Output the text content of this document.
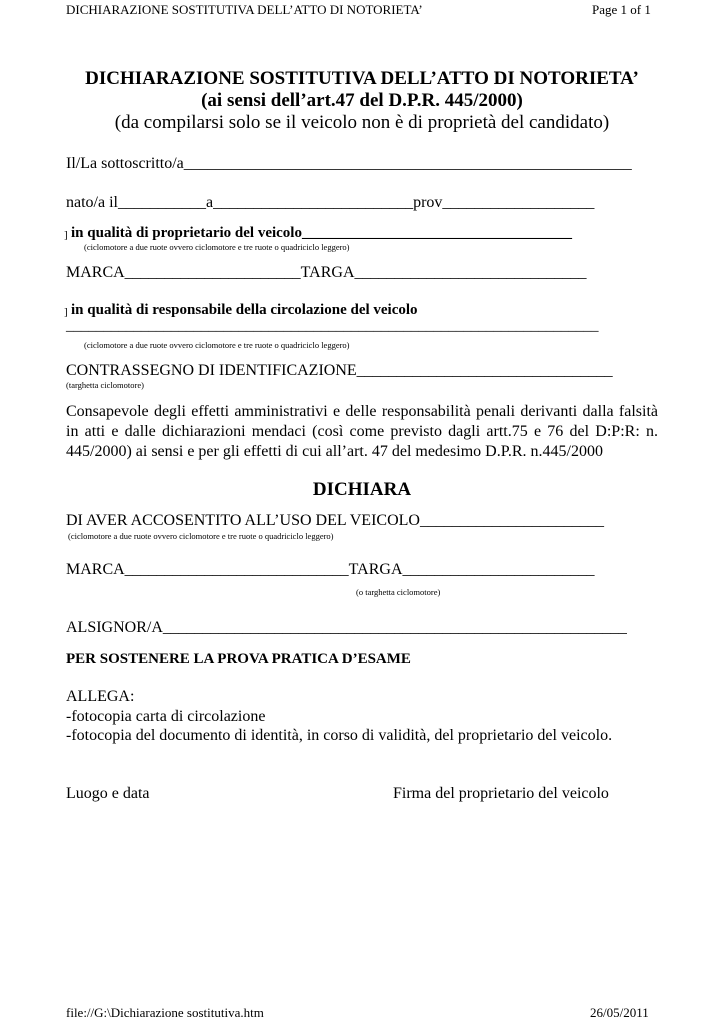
DICHIARAZIONE SOSTITUTIVA DELL’ATTO DI NOTORIETA’	Page 1 of 1
DICHIARAZIONE SOSTITUTIVA DELL’ATTO DI NOTORIETA’
(ai sensi dell’art.47 del D.P.R. 445/2000)
(da compilarsi solo se il veicolo non è di proprietà del candidato)
Il/La sottoscritto/a________________________________________________________
nato/a il___________a_________________________prov___________________
] in qualità di proprietario del veicolo____________________________________
(ciclomotore a due ruote ovvero ciclomotore e tre ruote o quadriciclo leggero)
MARCA______________________TARGA_____________________________
] in qualità di responsabile della circolazione del veicolo
_______________________________________________________________________
(ciclomotore a due ruote ovvero ciclomotore e tre ruote o quadriciclo leggero)
CONTRASSEGNO DI IDENTIFICAZIONE________________________________
(targhetta ciclomotore)
Consapevole degli effetti amministrativi e delle responsabilità penali derivanti dalla falsità in atti e dalle dichiarazioni mendaci (così come previsto dagli artt.75 e 76 del D:P:R: n. 445/2000) ai sensi e per gli effetti di cui all’art. 47 del medesimo D.P.R. n.445/2000
DICHIARA
DI AVER ACCOSENTITO ALL’USO DEL VEICOLO_______________________
(ciclomotore a due ruote ovvero ciclomotore e tre ruote o quadriciclo leggero)
MARCA____________________________TARGA________________________
(o targhetta ciclomotore)
ALSIGNOR/A__________________________________________________________
PER SOSTENERE LA PROVA PRATICA D’ESAME
ALLEGA:
-fotocopia carta di circolazione
-fotocopia del documento di identità, in corso di validità, del proprietario del veicolo.
Luogo e data	Firma del proprietario del veicolo
file://G:\Dichiarazione sostitutiva.htm	26/05/2011
